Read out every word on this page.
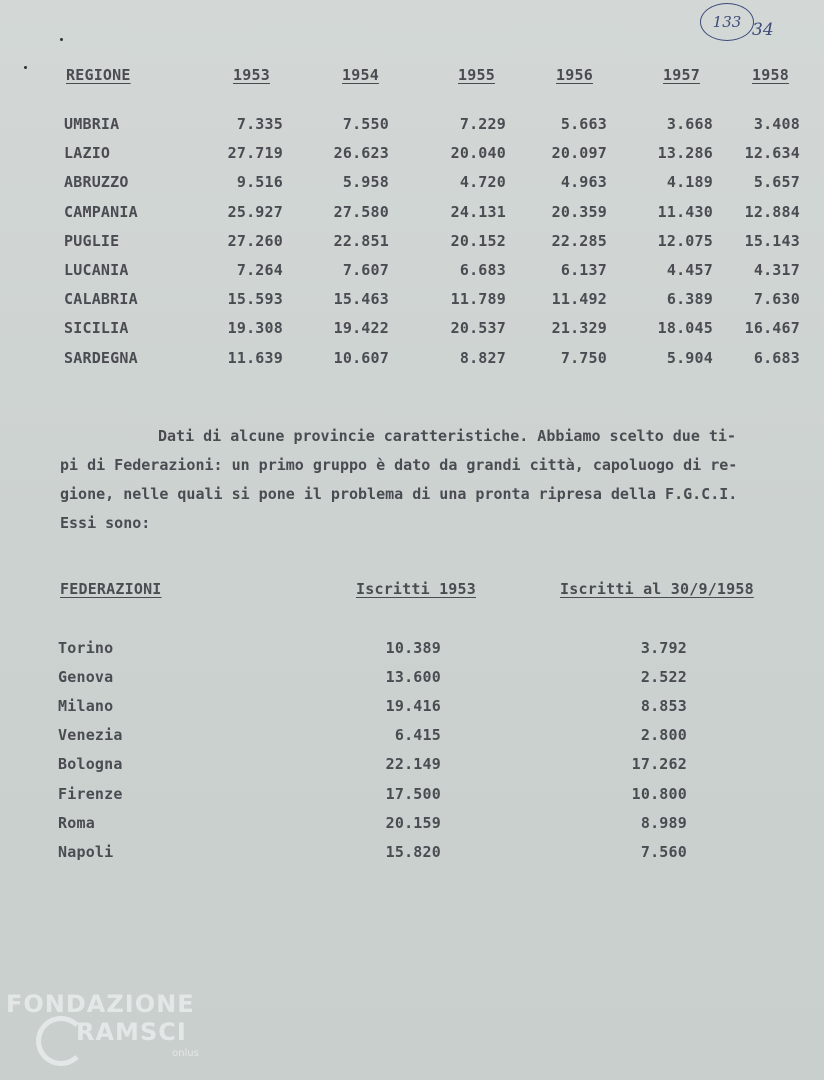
133 34
REGIONE	1953	1954	1955	1956	1957	1958
UMBRIA	7.335	7.550	7.229	5.663	3.668	3.408
LAZIO	27.719	26.623	20.040	20.097	13.286 12.634
ABRUZZO	9.516	5.958	4.720	4.963	4.189	5.657
CAMPANIA	25.927	27.580	24.131	20.359	11.430 12.884
PUGLIE	27.260	22.851	20.152	22.285	12.075 15.143
LUCANIA	7.264	7.607	6.683	6.137	4.457	4.317
CALABRIA	15.593	15.463	11.789	11.492	6.389	7.630
SICILIA	19.308	19.422	20.537	21.329	18.045 16.467
SARDEGNA	11.639	10.607	8.827	7.750	5.904	6.683
Dati di alcune provincie caratteristiche. Abbiamo scelto due ti-
pi di Federazioni: un primo gruppo è dato da grandi città, capoluogo di re-
gione, nelle quali si pone il problema di una pronta ripresa della F.G.C.I.
Essi sono:
FEDERAZIONI	Iscritti 1953	Iscritti al 30/9/1958
Torino	10.389	3.792
Genova	13.600	2.522
Milano	19.416	8.853
Venezia	6.415	2.800
Bologna	22.149	17.262
Firenze	17.500	10.800
Roma	20.159	8.989
Napoli	15.820	7.560
FONDAZIONE
RAMSCI
onlus
